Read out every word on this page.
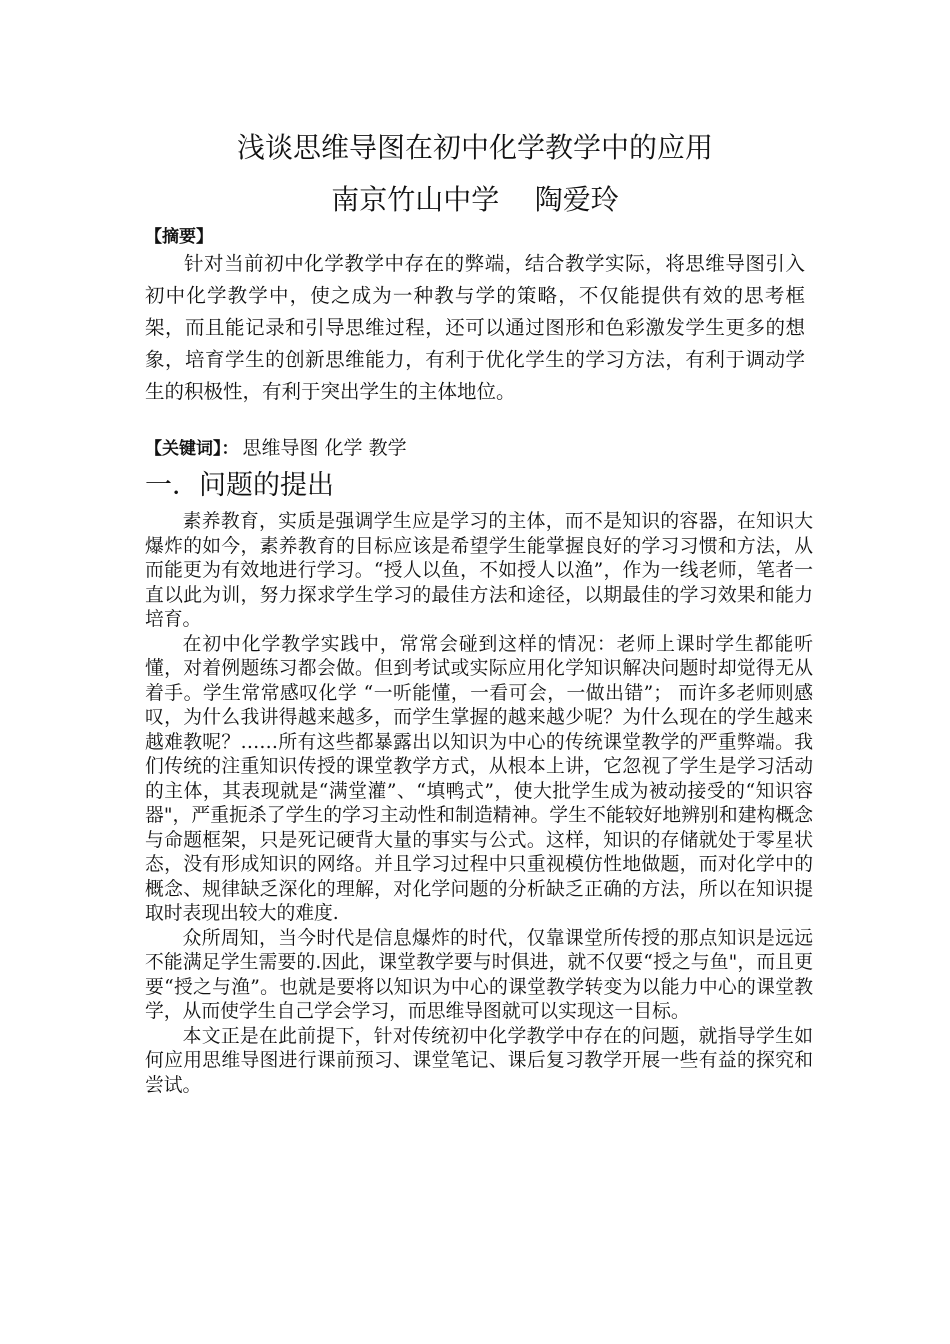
浅谈思维导图在初中化学教学中的应用
南京竹山中学    陶爱玲
【摘要】

针对当前初中化学教学中存在的弊端，结合教学实际，将思维导图引入初中化学教学中，使之成为一种教与学的策略，不仅能提供有效的思考框架，而且能记录和引导思维过程，还可以通过图形和色彩激发学生更多的想象，培育学生的创新思维能力，有利于优化学生的学习方法，有利于调动学生的积极性，有利于突出学生的主体地位。

【关键词】： 思维导图 化学 教学
一．问题的提出

素养教育，实质是强调学生应是学习的主体，而不是知识的容器，在知识大爆炸的如今，素养教育的目标应该是希望学生能掌握良好的学习习惯和方法，从而能更为有效地进行学习。“授人以鱼，不如授人以渔”，作为一线老师，笔者一直以此为训，努力探求学生学习的最佳方法和途径，以期最佳的学习效果和能力培育。

在初中化学教学实践中，常常会碰到这样的情况：老师上课时学生都能听懂，对着例题练习都会做。但到考试或实际应用化学知识解决问题时却觉得无从着手。学生常常感叹化学 “一听能懂，一看可会，一做出错”； 而许多老师则感叹，为什么我讲得越来越多，而学生掌握的越来越少呢？为什么现在的学生越来越难教呢？……所有这些都暴露出以知识为中心的传统课堂教学的严重弊端。我们传统的注重知识传授的课堂教学方式，从根本上讲，它忽视了学生是学习活动的主体，其表现就是“满堂灌”、“填鸭式”，使大批学生成为被动接受的“知识容器"，严重扼杀了学生的学习主动性和制造精神。学生不能较好地辨别和建构概念与命题框架，只是死记硬背大量的事实与公式。这样，知识的存储就处于零星状态，没有形成知识的网络。并且学习过程中只重视模仿性地做题，而对化学中的概念、规律缺乏深化的理解，对化学问题的分析缺乏正确的方法，所以在知识提取时表现出较大的难度.

众所周知，当今时代是信息爆炸的时代，仅靠课堂所传授的那点知识是远远不能满足学生需要的.因此，课堂教学要与时俱进，就不仅要“授之与鱼"，而且更要“授之与渔”。也就是要将以知识为中心的课堂教学转变为以能力中心的课堂教学，从而使学生自己学会学习，而思维导图就可以实现这一目标。

本文正是在此前提下，针对传统初中化学教学中存在的问题，就指导学生如何应用思维导图进行课前预习、课堂笔记、课后复习教学开展一些有益的探究和尝试。
